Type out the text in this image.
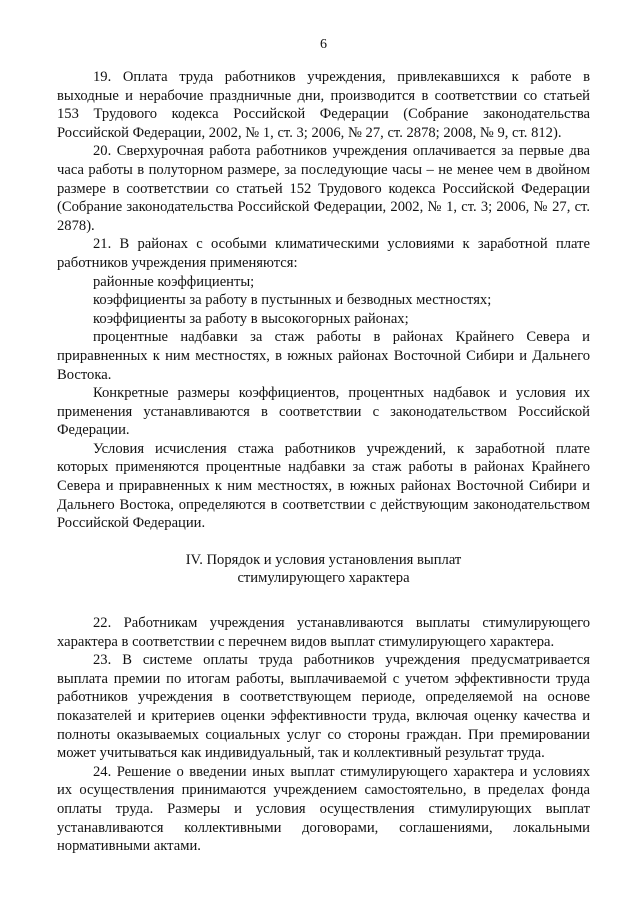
6

19. Оплата труда работников учреждения, привлекавшихся к работе в выходные и нерабочие праздничные дни, производится в соответствии со статьей 153 Трудового кодекса Российской Федерации (Собрание законодательства Российской Федерации, 2002, № 1, ст. 3; 2006, № 27, ст. 2878; 2008, № 9, ст. 812).

20. Сверхурочная работа работников учреждения оплачивается за первые два часа работы в полуторном размере, за последующие часы – не менее чем в двойном размере в соответствии со статьей 152 Трудового кодекса Российской Федерации (Собрание законодательства Российской Федерации, 2002, № 1, ст. 3; 2006, № 27, ст. 2878).

21. В районах с особыми климатическими условиями к заработной плате работников учреждения применяются:

районные коэффициенты;

коэффициенты за работу в пустынных и безводных местностях;

коэффициенты за работу в высокогорных районах;

процентные надбавки за стаж работы в районах Крайнего Севера и приравненных к ним местностях, в южных районах Восточной Сибири и Дальнего Востока.

Конкретные размеры коэффициентов, процентных надбавок и условия их применения устанавливаются в соответствии с законодательством Российской Федерации.

Условия исчисления стажа работников учреждений, к заработной плате которых применяются процентные надбавки за стаж работы в районах Крайнего Севера и приравненных к ним местностях, в южных районах Восточной Сибири и Дальнего Востока, определяются в соответствии с действующим законодательством Российской Федерации.

IV. Порядок и условия установления выплат
стимулирующего характера

22. Работникам учреждения устанавливаются выплаты стимулирующего характера в соответствии с перечнем видов выплат стимулирующего характера.

23. В системе оплаты труда работников учреждения предусматривается выплата премии по итогам работы, выплачиваемой с учетом эффективности труда работников учреждения в соответствующем периоде, определяемой на основе показателей и критериев оценки эффективности труда, включая оценку качества и полноты оказываемых социальных услуг со стороны граждан. При премировании может учитываться как индивидуальный, так и коллективный результат труда.

24. Решение о введении иных выплат стимулирующего характера и условиях их осуществления принимаются учреждением самостоятельно, в пределах фонда оплаты труда. Размеры и условия осуществления стимулирующих выплат устанавливаются коллективными договорами, соглашениями, локальными нормативными актами.
